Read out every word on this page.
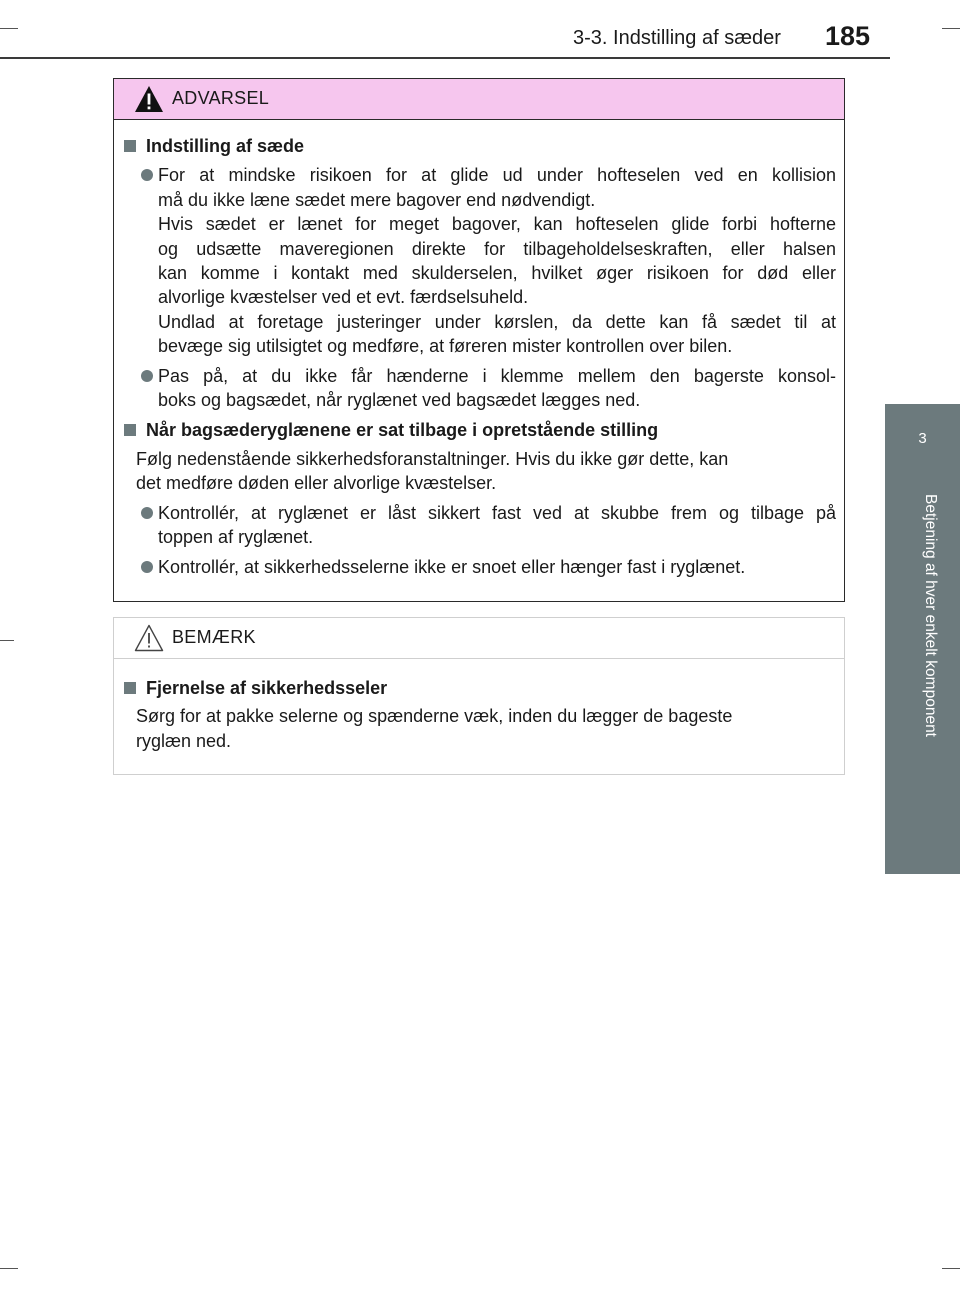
3-3. Indstilling af sæder 185
3
Betjening af hver enkelt komponent
ADVARSEL
Indstilling af sæde
For at mindske risikoen for at glide ud under hofteselen ved en kollision
må du ikke læne sædet mere bagover end nødvendigt.
Hvis sædet er lænet for meget bagover, kan hofteselen glide forbi hofterne
og udsætte maveregionen direkte for tilbageholdelseskraften, eller halsen
kan komme i kontakt med skulderselen, hvilket øger risikoen for død eller
alvorlige kvæstelser ved et evt. færdselsuheld.
Undlad at foretage justeringer under kørslen, da dette kan få sædet til at
bevæge sig utilsigtet og medføre, at føreren mister kontrollen over bilen.
Pas på, at du ikke får hænderne i klemme mellem den bagerste konsol-
boks og bagsædet, når ryglænet ved bagsædet lægges ned.
Når bagsæderyglænene er sat tilbage i opretstående stilling
Følg nedenstående sikkerhedsforanstaltninger. Hvis du ikke gør dette, kan
det medføre døden eller alvorlige kvæstelser.
Kontrollér, at ryglænet er låst sikkert fast ved at skubbe frem og tilbage på
toppen af ryglænet.
Kontrollér, at sikkerhedsselerne ikke er snoet eller hænger fast i ryglænet.
BEMÆRK
Fjernelse af sikkerhedsseler
Sørg for at pakke selerne og spænderne væk, inden du lægger de bageste
ryglæn ned.
